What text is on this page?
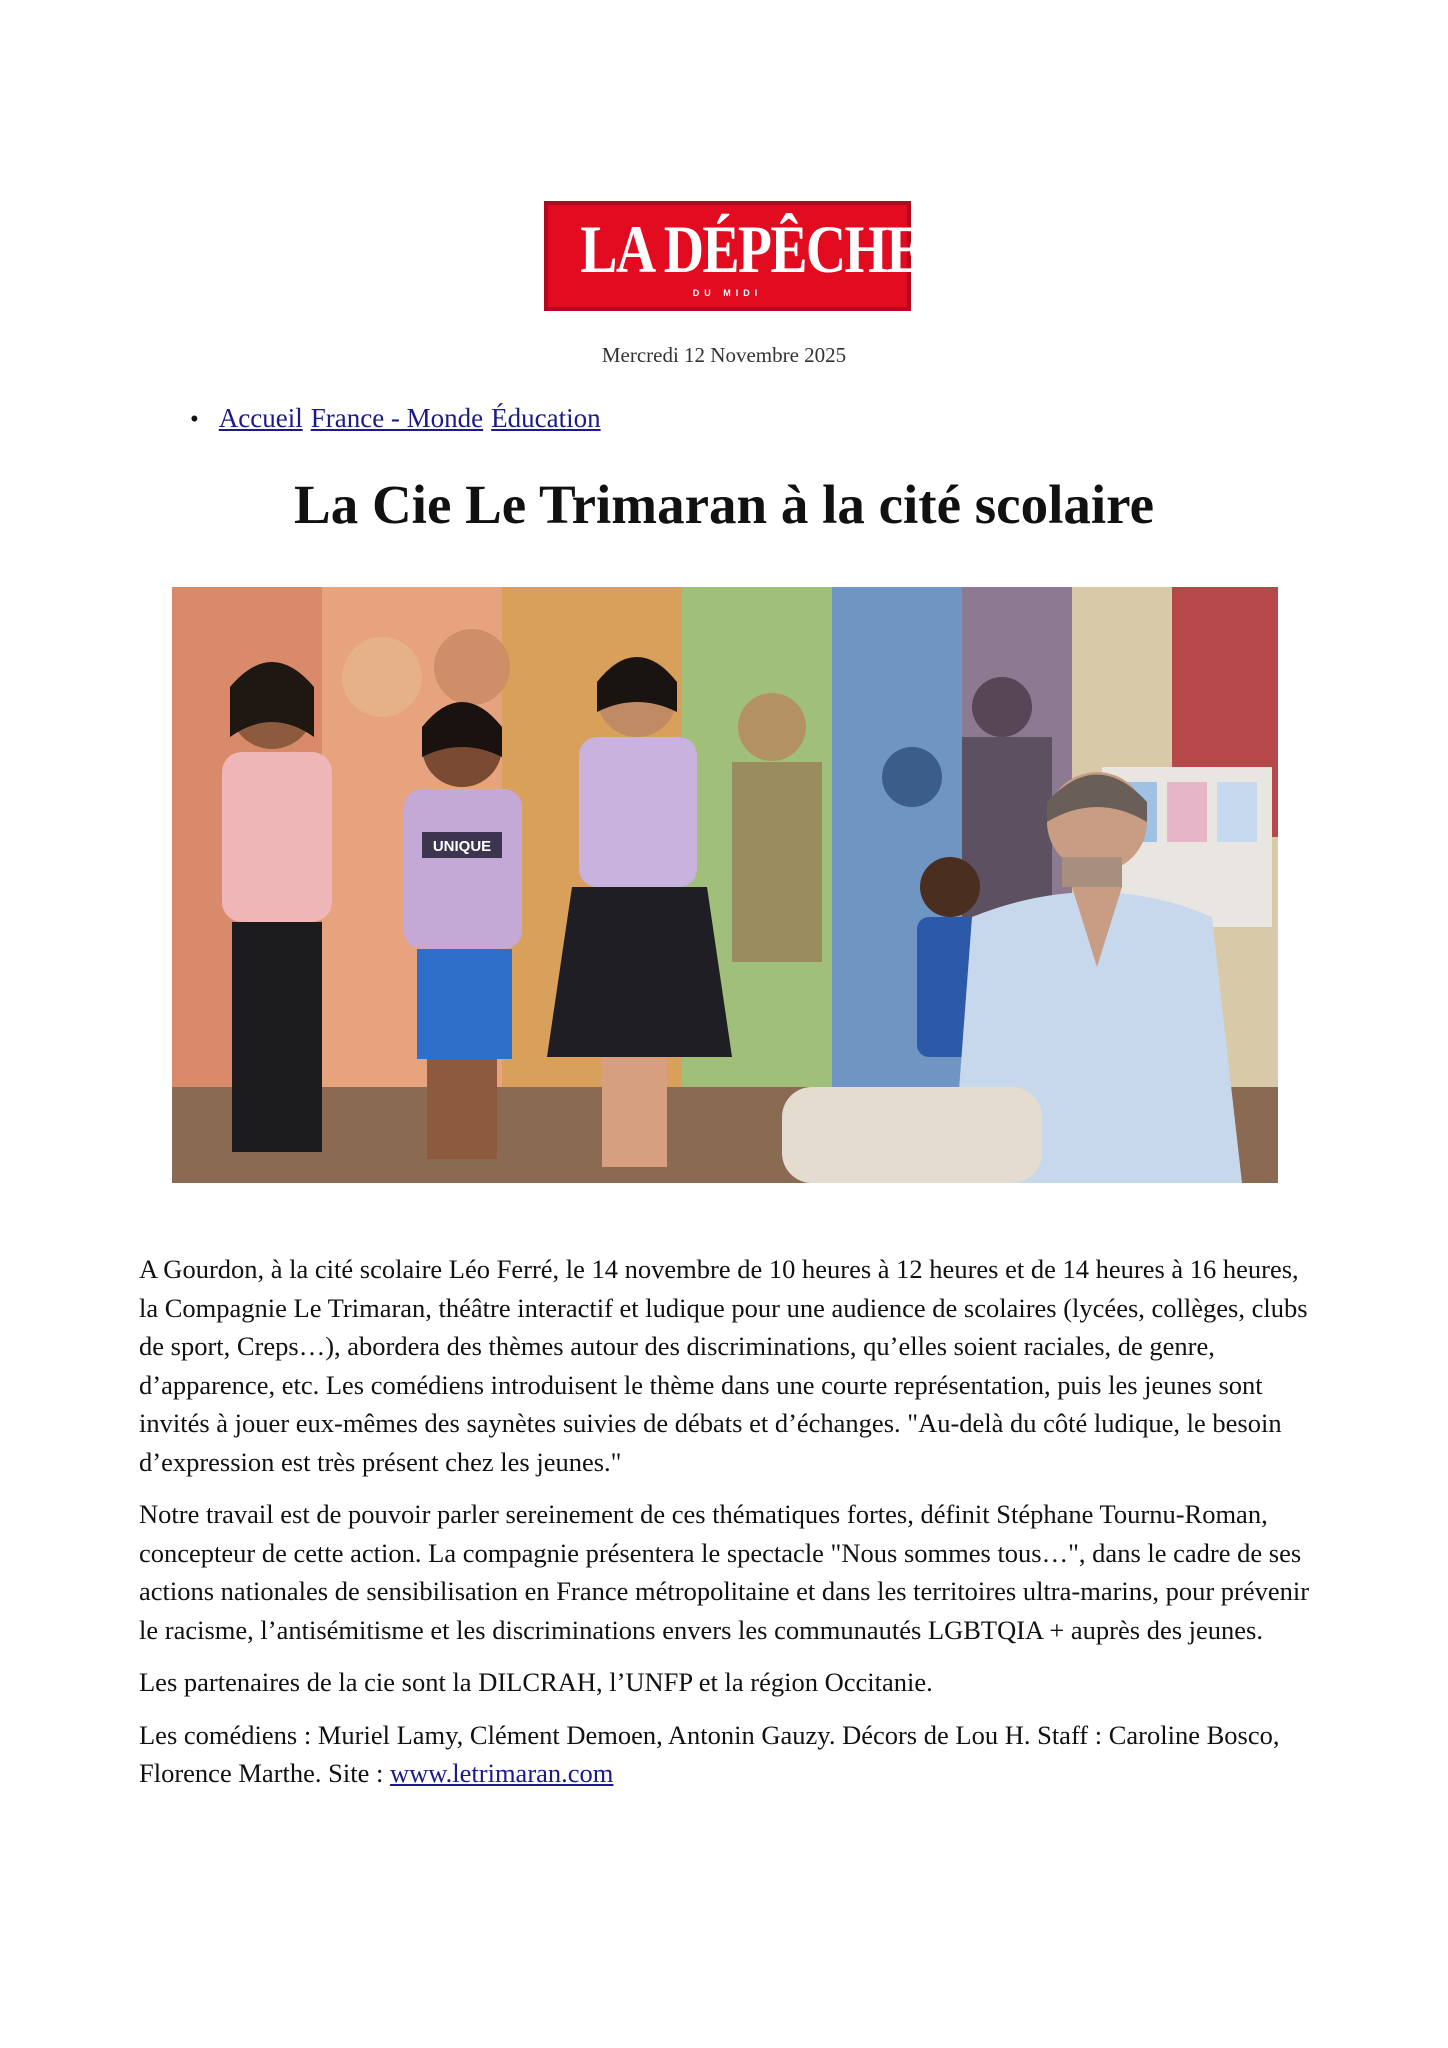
LA DÉPÊCHE
DU MIDI
Mercredi 12 Novembre 2025
• Accueil France - Monde Éducation
La Cie Le Trimaran à la cité scolaire
UNIQUE

A Gourdon, à la cité scolaire Léo Ferré, le 14 novembre de 10 heures à 12 heures et de 14 heures à 16 heures, la Compagnie Le Trimaran, théâtre interactif et ludique pour une audience de scolaires (lycées, collèges, clubs de sport, Creps…), abordera des thèmes autour des discriminations, qu’elles soient raciales, de genre, d’apparence, etc. Les comédiens introduisent le thème dans une courte représentation, puis les jeunes sont invités à jouer eux-mêmes des saynètes suivies de débats et d’échanges. "Au-delà du côté ludique, le besoin d’expression est très présent chez les jeunes."

Notre travail est de pouvoir parler sereinement de ces thématiques fortes, définit Stéphane Tournu-Roman, concepteur de cette action. La compagnie présentera le spectacle "Nous sommes tous…", dans le cadre de ses actions nationales de sensibilisation en France métropolitaine et dans les territoires ultra-marins, pour prévenir le racisme, l’antisémitisme et les discriminations envers les communautés LGBTQIA + auprès des jeunes.

Les partenaires de la cie sont la DILCRAH, l’UNFP et la région Occitanie.

Les comédiens : Muriel Lamy, Clément Demoen, Antonin Gauzy. Décors de Lou H. Staff : Caroline Bosco, Florence Marthe. Site : www.letrimaran.com
